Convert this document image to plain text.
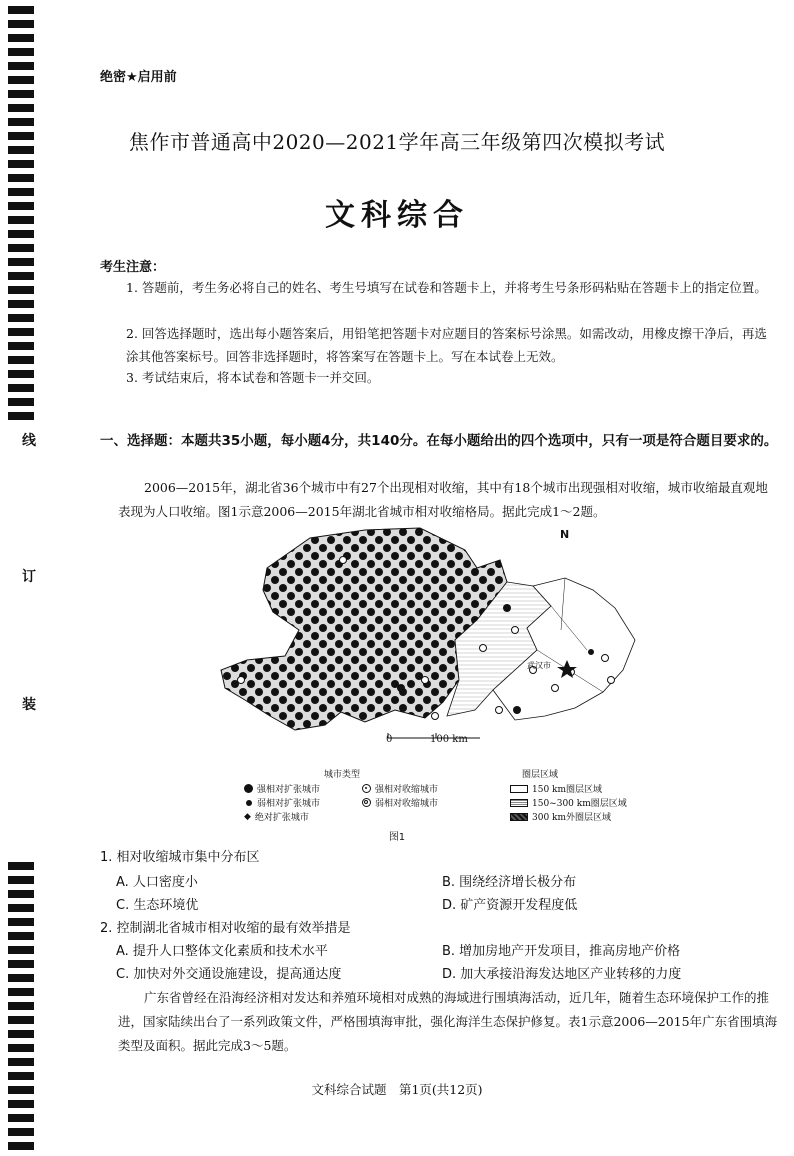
线
订
装
绝密★启用前
焦作市普通高中2020—2021学年高三年级第四次模拟考试
文科综合
考生注意：
1. 答题前，考生务必将自己的姓名、考生号填写在试卷和答题卡上，并将考生号条形码粘贴在答题卡上的指定位置。
2. 回答选择题时，选出每小题答案后，用铅笔把答题卡对应题目的答案标号涂黑。如需改动，用橡皮擦干净后，再选涂其他答案标号。回答非选择题时，将答案写在答题卡上。写在本试卷上无效。
3. 考试结束后，将本试卷和答题卡一并交回。
一、选择题：本题共35小题，每小题4分，共140分。在每小题给出的四个选项中，只有一项是符合题目要求的。
2006—2015年，湖北省36个城市中有27个出现相对收缩，其中有18个城市出现强相对收缩，城市收缩最直观地表现为人口收缩。图1示意2006—2015年湖北省城市相对收缩格局。据此完成1～2题。
武汉市
N
0	100 km
城市类型	圈层区域
强相对扩张城市
弱相对扩张城市
◆ 绝对扩张城市
强相对收缩城市
弱相对收缩城市
150 km圈层区域
150~300 km圈层区域
300 km外圈层区域
图1
1. 相对收缩城市集中分布区
A. 人口密度小	B. 围绕经济增长极分布
C. 生态环境优	D. 矿产资源开发程度低
2. 控制湖北省城市相对收缩的最有效举措是
A. 提升人口整体文化素质和技术水平	B. 增加房地产开发项目，推高房地产价格
C. 加快对外交通设施建设，提高通达度	D. 加大承接沿海发达地区产业转移的力度
广东省曾经在沿海经济相对发达和养殖环境相对成熟的海域进行围填海活动，近几年，随着生态环境保护工作的推进，国家陆续出台了一系列政策文件，严格围填海审批，强化海洋生态保护修复。表1示意2006—2015年广东省围填海类型及面积。据此完成3～5题。
文科综合试题　第1页(共12页)
